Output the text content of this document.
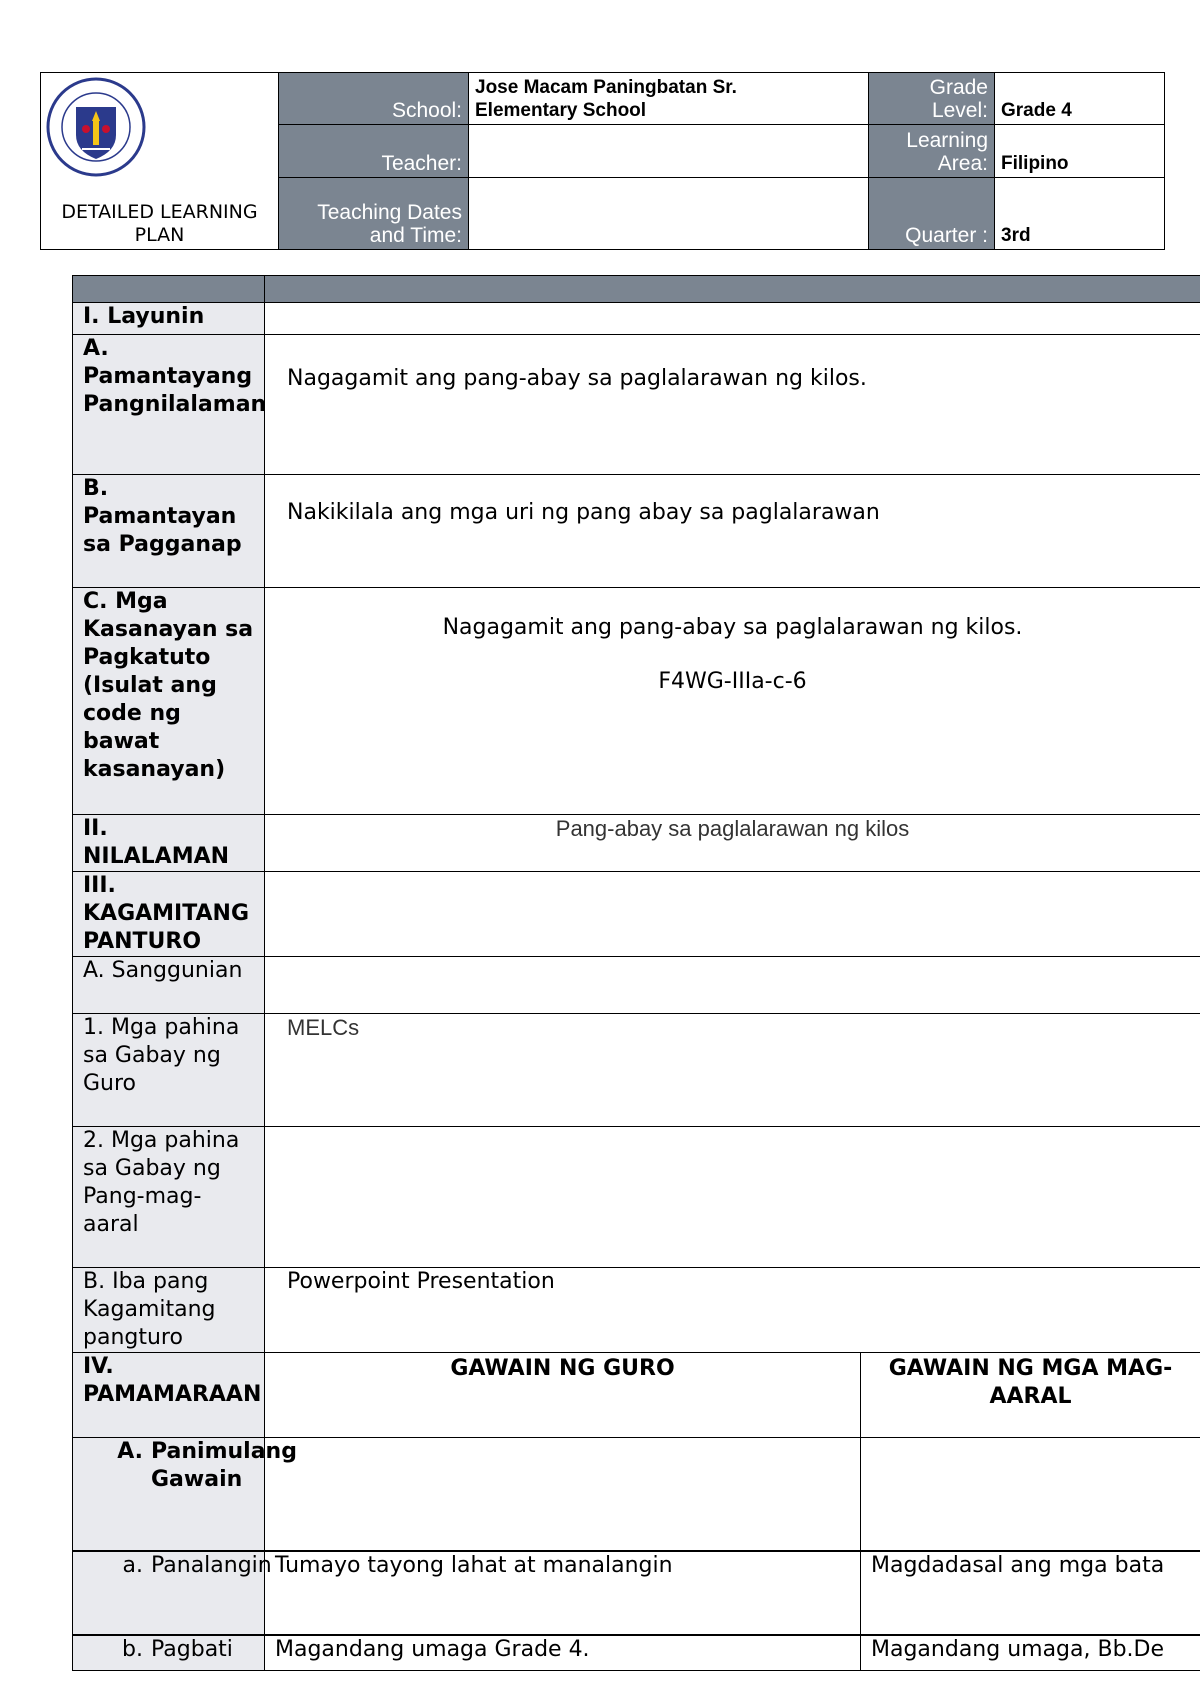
DETAILED LEARNING PLAN	School:	Jose Macam Paningbatan Sr.
Elementary School	Grade Level:	Grade 4
	Teacher:		Learning Area:	Filipino
	Teaching Dates and Time:		Quarter :	3rd

I. Layunin		
A. Pamantayang Pangnilalaman	Nagagamit ang pang-abay sa paglalarawan ng kilos.	
B. Pamantayan sa Pagganap	Nakikilala ang mga uri ng pang abay sa paglalarawan	
C. Mga Kasanayan sa Pagkatuto (Isulat ang code ng bawat kasanayan)	Nagagamit ang pang-abay sa paglalarawan ng kilos.
F4WG-IIIa-c-6	

II. NILALAMAN	Pang-abay sa paglalarawan ng kilos	
III. KAGAMITANG PANTURO		
A. Sanggunian		
1. Mga pahina sa Gabay ng Guro	MELCs	
2. Mga pahina sa Gabay ng Pang-mag-aaral		
B. Iba pang Kagamitang pangturo	Powerpoint Presentation	
IV. PAMAMARAAN	GAWAIN NG GURO	GAWAIN NG MGA MAG-AARAL

A. Panimulang Gawain		

a. Panalangin	Tumayo tayong lahat at manalangin	Magdadasal ang mga bata

b. Pagbati	Magandang umaga Grade 4.	Magandang umaga, Bb.De
